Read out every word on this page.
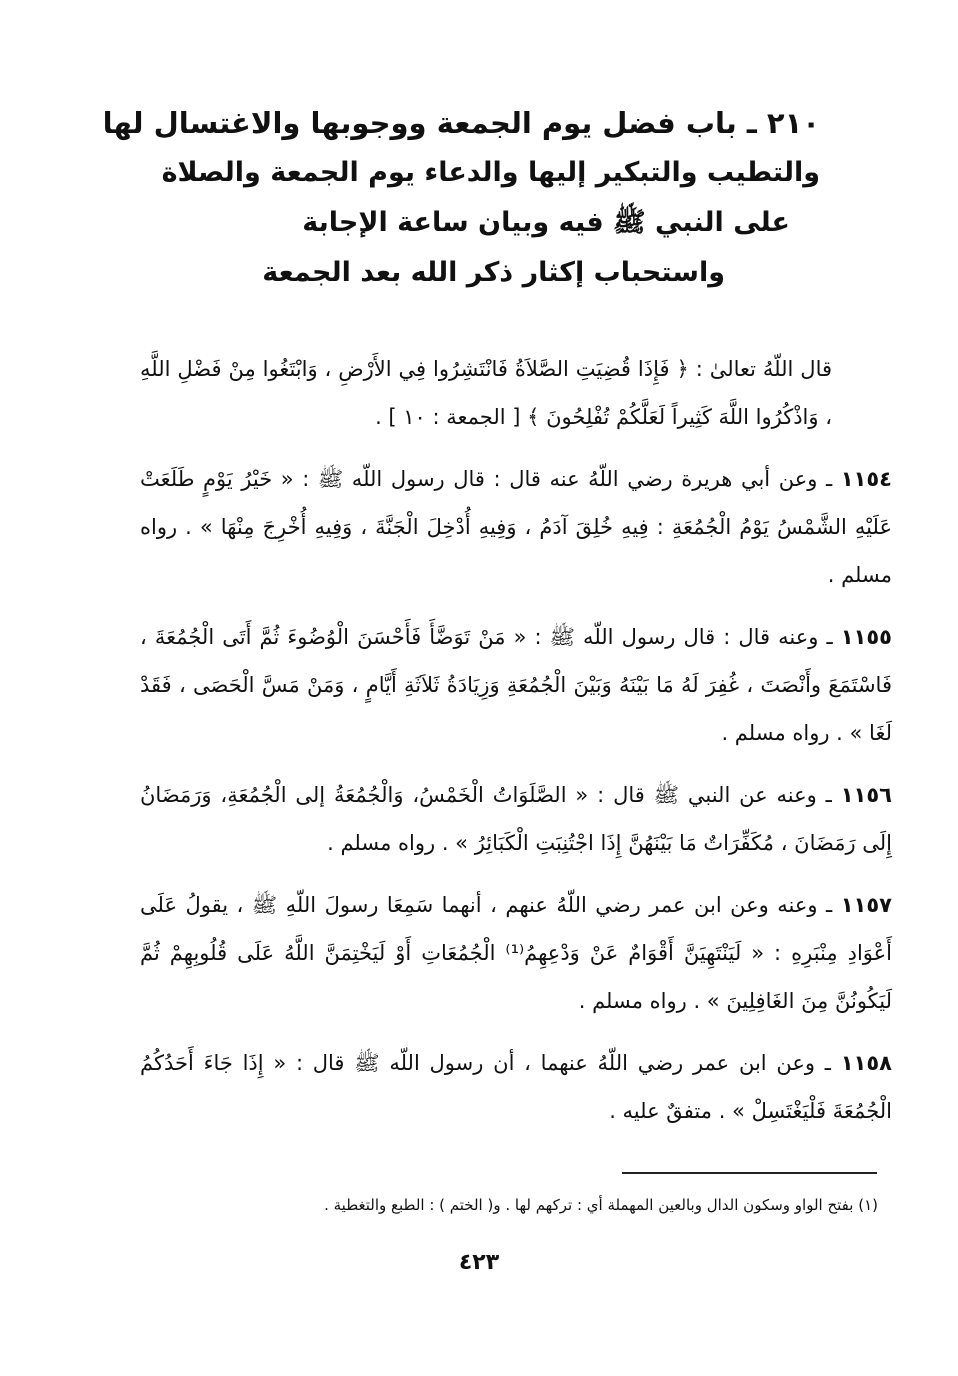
٢١٠ ـ باب فضل يوم الجمعة ووجوبها والاغتسال لها
والتطيب والتبكير إليها والدعاء يوم الجمعة والصلاة
على النبي ﷺ فيه وبيان ساعة الإجابة
واستحباب إكثار ذكر الله بعد الجمعة

قال اللّهُ تعالىٰ : ﴿ فَإِذَا قُضِيَتِ الصَّلاَةُ فَانْتَشِرُوا فِي الأَرْضِ ، وَابْتَغُوا مِنْ فَضْلِ اللَّهِ ، وَاذْكُرُوا اللَّهَ كَثِيراً لَعَلَّكُمْ تُفْلِحُونَ ﴾ [ الجمعة : ١٠ ] .

١١٥٤ ـ وعن أبي هريرة رضي اللّهُ عنه قال : قال رسول اللّه ﷺ : « خَيْرُ يَوْمٍ طَلَعَتْ عَلَيْهِ الشَّمْسُ يَوْمُ الْجُمُعَةِ : فِيهِ خُلِقَ آدَمُ ، وَفِيهِ أُدْخِلَ الْجَنَّةَ ، وَفِيهِ أُخْرِجَ مِنْهَا » . رواه مسلم .

١١٥٥ ـ وعنه قال : قال رسول اللّه ﷺ : « مَنْ تَوَضَّأَ فَأَحْسَنَ الْوُضُوءَ ثُمَّ أَتَى الْجُمُعَةَ ، فَاسْتَمَعَ وأَنْصَتَ ، غُفِرَ لَهُ مَا بَيْنَهُ وَبَيْنَ الْجُمُعَةِ وَزِيَادَةُ ثَلاَثَةِ أَيَّامٍ ، وَمَنْ مَسَّ الْحَصَى ، فَقَدْ لَغَا » . رواه مسلم .

١١٥٦ ـ وعنه عن النبي ﷺ قال : « الصَّلَوَاتُ الْخَمْسُ، وَالْجُمُعَةُ إلى الْجُمُعَةِ، وَرَمَضَانُ إِلَى رَمَضَانَ ، مُكَفِّرَاتٌ مَا بَيْنَهُنَّ إِذَا اجْتُنِبَتِ الْكَبَائِرُ » . رواه مسلم .

١١٥٧ ـ وعنه وعن ابن عمر رضي اللّهُ عنهم ، أنهما سَمِعَا رسولَ اللّهِ ﷺ ، يقولُ عَلَى أَعْوَادِ مِنْبَرِهِ : « لَيَنْتَهِيَنَّ أَقْوَامٌ عَنْ وَدْعِهِمُ⁽¹⁾ الْجُمُعَاتِ أَوْ لَيَخْتِمَنَّ اللَّهُ عَلَى قُلُوبِهِمْ ثُمَّ لَيَكُونُنَّ مِنَ الغَافِلِينَ » . رواه مسلم .

١١٥٨ ـ وعن ابن عمر رضي اللّهُ عنهما ، أن رسول اللّه ﷺ قال : « إِذَا جَاءَ أَحَدُكُمُ الْجُمُعَةَ فَلْيَغْتَسِلْ » . متفقٌ عليه .

(١) بفتح الواو وسكون الدال وبالعين المهملة أي : تركهم لها . و( الختم ) : الطبع والتغطية .
٤٢٣
